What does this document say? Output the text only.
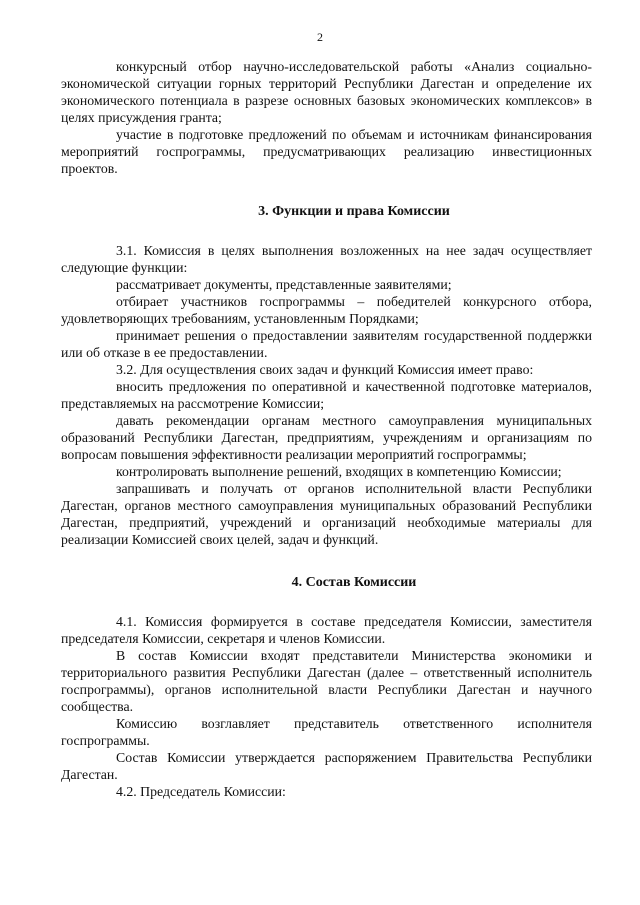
2

конкурсный отбор научно-исследовательской работы «Анализ социально-экономической ситуации горных территорий Республики Дагестан и определение их экономического потенциала в разрезе основных базовых экономических комплексов» в целях присуждения гранта;

участие в подготовке предложений по объемам и источникам финансирования мероприятий госпрограммы, предусматривающих реализацию инвестиционных проектов.

3. Функции и права Комиссии

3.1. Комиссия в целях выполнения возложенных на нее задач осуществляет следующие функции:

рассматривает документы, представленные заявителями;

отбирает участников госпрограммы – победителей конкурсного отбора, удовлетворяющих требованиям, установленным Порядками;

принимает решения о предоставлении заявителям государственной поддержки или об отказе в ее предоставлении.

3.2. Для осуществления своих задач и функций Комиссия имеет право:

вносить предложения по оперативной и качественной подготовке материалов, представляемых на рассмотрение Комиссии;

давать рекомендации органам местного самоуправления муниципальных образований Республики Дагестан, предприятиям, учреждениям и организациям по вопросам повышения эффективности реализации мероприятий госпрограммы;

контролировать выполнение решений, входящих в компетенцию Комиссии;

запрашивать и получать от органов исполнительной власти Республики Дагестан, органов местного самоуправления муниципальных образований Республики Дагестан, предприятий, учреждений и организаций необходимые материалы для реализации Комиссией своих целей, задач и функций.

4. Состав Комиссии

4.1. Комиссия формируется в составе председателя Комиссии, заместителя председателя Комиссии, секретаря и членов Комиссии.

В состав Комиссии входят представители Министерства экономики и территориального развития Республики Дагестан (далее – ответственный исполнитель госпрограммы), органов исполнительной власти Республики Дагестан и научного сообщества.

Комиссию возглавляет представитель ответственного исполнителя госпрограммы.

Состав Комиссии утверждается распоряжением Правительства Республики Дагестан.

4.2. Председатель Комиссии:
